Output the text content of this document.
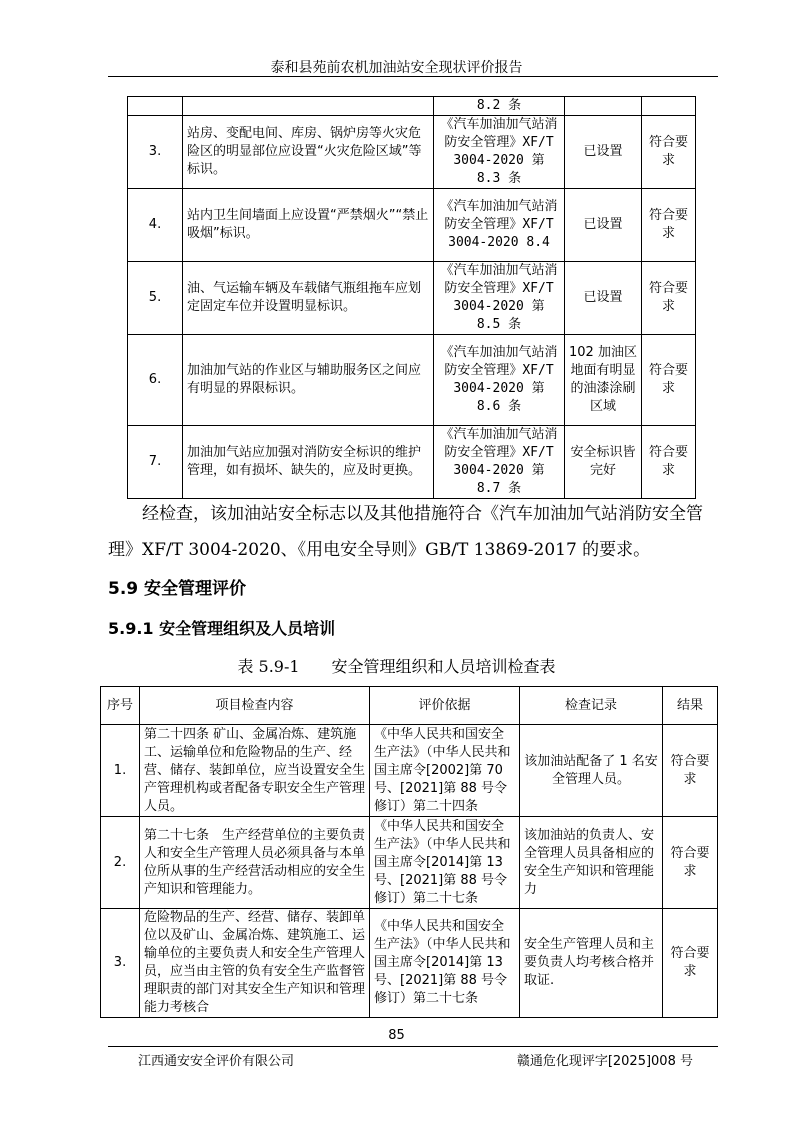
泰和县苑前农机加油站安全现状评价报告
		8.2 条		
3.	站房、变配电间、库房、锅炉房等火灾危险区的明显部位应设置“火灾危险区域”等标识。	《汽车加油加气站消防安全管理》XF/T 3004-2020 第 8.3 条	已设置	符合要求
4.	站内卫生间墙面上应设置“严禁烟火”“禁止吸烟”标识。	《汽车加油加气站消防安全管理》XF/T 3004-2020 8.4	已设置	符合要求
5.	油、气运输车辆及车载储气瓶组拖车应划定固定车位并设置明显标识。	《汽车加油加气站消防安全管理》XF/T 3004-2020 第 8.5 条	已设置	符合要求
6.	加油加气站的作业区与辅助服务区之间应有明显的界限标识。	《汽车加油加气站消防安全管理》XF/T 3004-2020 第 8.6 条	102 加油区地面有明显的油漆涂刷区域	符合要求
7.	加油加气站应加强对消防安全标识的维护管理，如有损坏、缺失的，应及时更换。	《汽车加油加气站消防安全管理》XF/T 3004-2020 第 8.7 条	安全标识皆完好	符合要求
经检查，该加油站安全标志以及其他措施符合《汽车加油加气站消防安全管理》XF/T 3004-2020、《用电安全导则》GB/T 13869-2017 的要求。
5.9 安全管理评价
5.9.1 安全管理组织及人员培训
表 5.9-1　　安全管理组织和人员培训检查表
序号	项目检查内容	评价依据	检查记录	结果
1.	第二十四条 矿山、金属冶炼、建筑施工、运输单位和危险物品的生产、经营、储存、装卸单位，应当设置安全生产管理机构或者配备专职安全生产管理人员。	《中华人民共和国安全生产法》（中华人民共和国主席令[2002]第 70 号、[2021]第 88 号令修订）第二十四条	该加油站配备了 1 名安全管理人员。	符合要求
2.	第二十七条　生产经营单位的主要负责人和安全生产管理人员必须具备与本单位所从事的生产经营活动相应的安全生产知识和管理能力。	《中华人民共和国安全生产法》（中华人民共和国主席令[2014]第 13 号、[2021]第 88 号令修订）第二十七条	该加油站的负责人、安全管理人员具备相应的安全生产知识和管理能力	符合要求
3.	危险物品的生产、经营、储存、装卸单位以及矿山、金属冶炼、建筑施工、运输单位的主要负责人和安全生产管理人员，应当由主管的负有安全生产监督管理职责的部门对其安全生产知识和管理能力考核合	《中华人民共和国安全生产法》（中华人民共和国主席令[2014]第 13 号、[2021]第 88 号令修订）第二十七条	安全生产管理人员和主要负责人均考核合格并取证.	符合要求
85
江西通安安全评价有限公司	赣通危化现评字[2025]008 号
